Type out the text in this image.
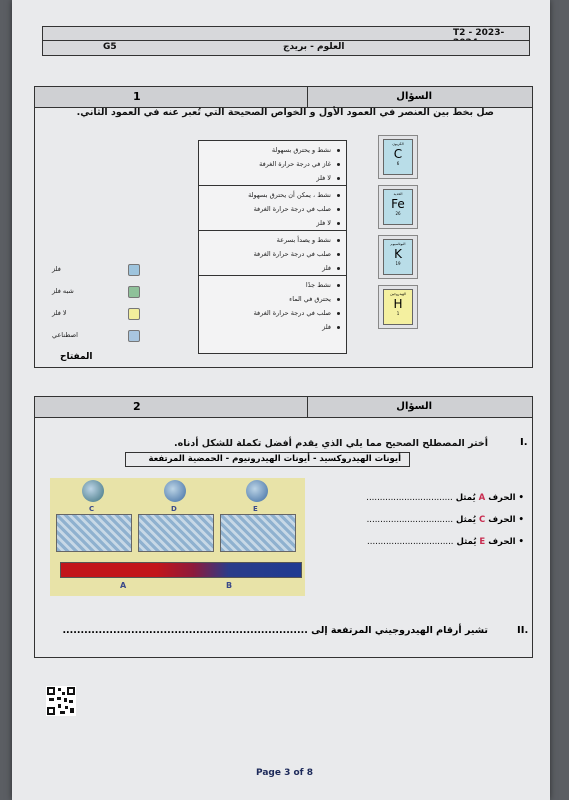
T2 - 2023-
العلوم - بريدج
G5
1	السؤال
صل بخط بين العنصر في العمود الأول و الخواص الصحيحة التي تُعبر عنه في العمود الثاني.
نشط و يحترق بسهولة
غاز في درجة حرارة الغرفة
لا فلز
نشط ، يمكن أن يحترق بسهولة
صلب في درجة حرارة الغرفة
لا فلز
نشط و يصدأ بسرعة
صلب في درجة حرارة الغرفة
فلز
نشط جدًا
يحترق في الماء
صلب في درجة حرارة الغرفة
فلز
الكربون
C
6
الحديد
Fe
26
البوتاسيوم
K
19
الهيدروجين
H
1
فلز
شبه فلز
لا فلز
اصطناعي
المفتاح
2	السؤال
I.
أختر المصطلح الصحيح مما يلي الذي يقدم أفضل تكملة للشكل أدناه.
أيونات الهيدروكسيد - أيونات الهيدرونيوم - الحمضية المرتفعة
C	D	E
A	B
• الحرف A يُمثل ................................
• الحرف C يُمثل ................................
• الحرف E يُمثل ................................
II.
تشير أرقام الهيدروجيني المرتفعة إلى ....................................................................
Page 3 of 8
